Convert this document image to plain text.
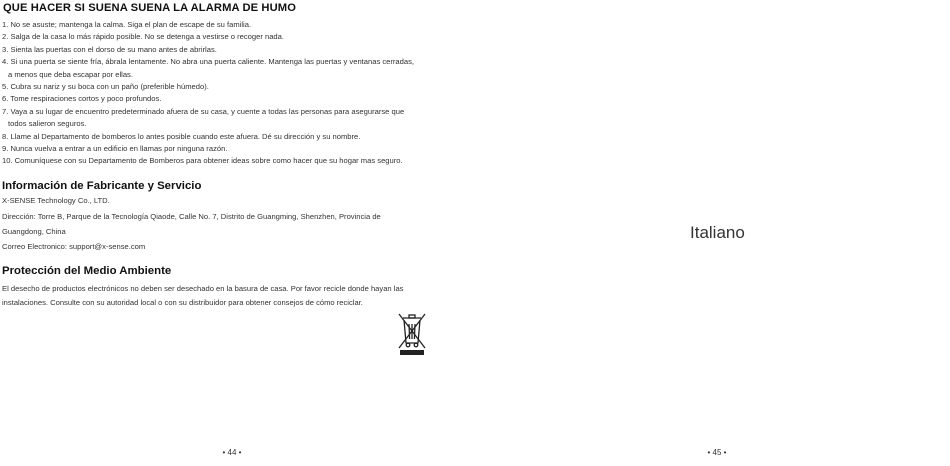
QUE HACER SI SUENA SUENA LA ALARMA DE HUMO
1. No se asuste; mantenga la calma. Siga el plan de escape de su familia.
2. Salga de la casa lo más rápido posible. No se detenga a vestirse o recoger nada.
3. Sienta las puertas con el dorso de su mano antes de abrirlas.
4. Si una puerta se siente fría, ábrala lentamente. No abra una puerta caliente. Mantenga las puertas y ventanas cerradas,
a menos que deba escapar por ellas.
5. Cubra su nariz y su boca con un paño (preferible húmedo).
6. Tome respiraciones cortos y poco profundos.
7. Vaya a su lugar de encuentro predeterminado afuera de su casa, y cuente a todas las personas para asegurarse que
todos salieron seguros.
8. Llame al Departamento de bomberos lo antes posible cuando este afuera. Dé su dirección y su nombre.
9. Nunca vuelva a entrar a un edificio en llamas por ninguna razón.
10. Comuníquese con su Departamento de Bomberos para obtener ideas sobre como hacer que su hogar mas seguro.
Información de Fabricante y Servicio
X-SENSE Technology Co., LTD.
Dirección: Torre B, Parque de la Tecnología Qiaode, Calle No. 7, Distrito de Guangming, Shenzhen, Provincia de
Guangdong, China
Correo Electronico: support@x-sense.com
Protección del Medio Ambiente
El desecho de productos electrónicos no deben ser desechado en la basura de casa. Por favor recicle donde hayan las
instalaciones. Consulte con su autoridad local o con su distribuidor para obtener consejos de cómo reciclar.
• 44 •
Italiano
• 45 •
